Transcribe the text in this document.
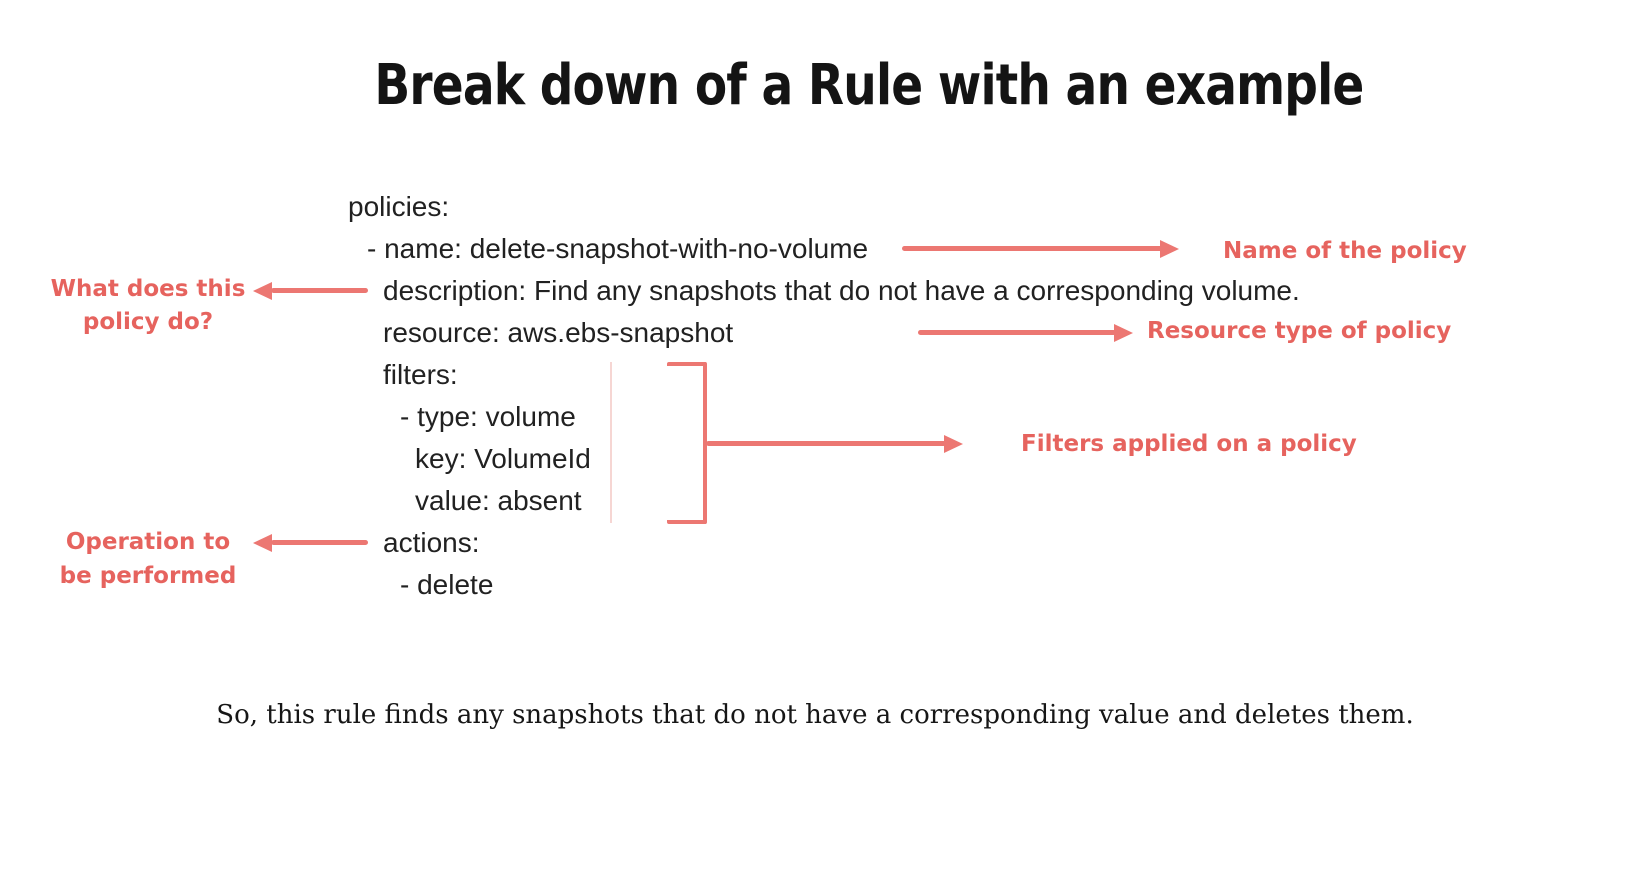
Break down of a Rule with an example
policies:
- name: delete-snapshot-with-no-volume
description: Find any snapshots that do not have a corresponding volume.
resource: aws.ebs-snapshot
filters:
- type: volume
key: VolumeId
value: absent
actions:
- delete
Name of the policy
What does this
policy do?	Resource type of policy
Filters applied on a policy
Operation to
be performed
So, this rule finds any snapshots that do not have a corresponding value and deletes them.
